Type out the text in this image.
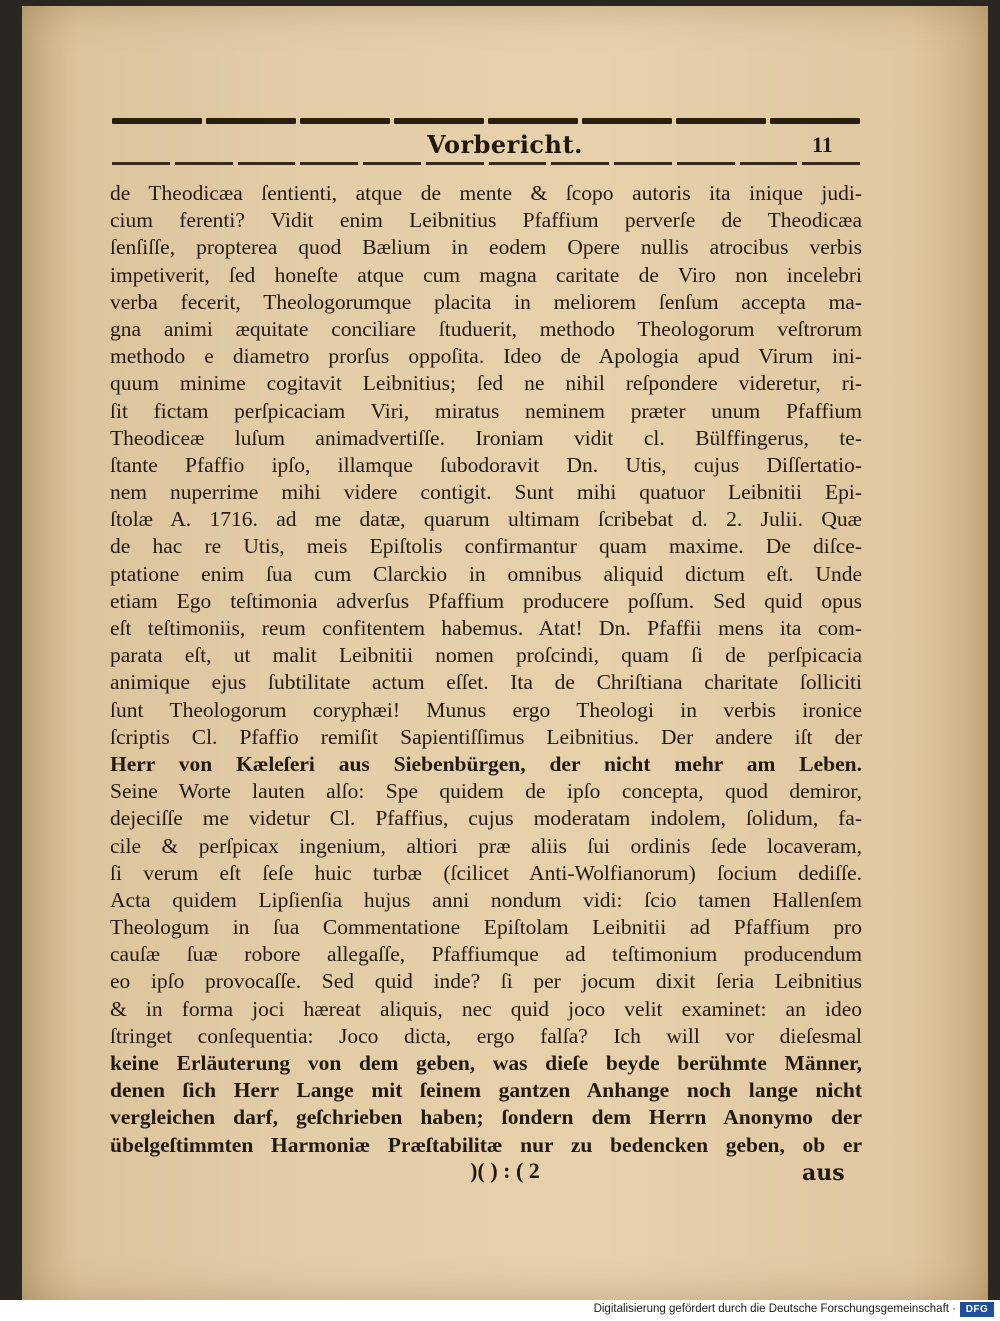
Vorbericht.	11
de Theodicæa ſentienti, atque de mente & ſcopo autoris ita inique judi-
cium ferenti? Vidit enim Leibnitius Pfaffium perverſe de Theodicæa
ſenſiſſe, propterea quod Bælium in eodem Opere nullis atrocibus verbis
impetiverit, ſed honeſte atque cum magna caritate de Viro non incelebri
verba fecerit, Theologorumque placita in meliorem ſenſum accepta ma-
gna animi æquitate conciliare ſtuduerit, methodo Theologorum veſtrorum
methodo e diametro prorſus oppoſita. Ideo de Apologia apud Virum ini-
quum minime cogitavit Leibnitius; ſed ne nihil reſpondere videretur, ri-
ſit fictam perſpicaciam Viri, miratus neminem præter unum Pfaffium
Theodiceæ luſum animadvertiſſe. Ironiam vidit cl. Bülffingerus, te-
ſtante Pfaffio ipſo, illamque ſubodoravit Dn. Utis, cujus Diſſertatio-
nem nuperrime mihi videre contigit. Sunt mihi quatuor Leibnitii Epi-
ſtolæ A. 1716. ad me datæ, quarum ultimam ſcribebat d. 2. Julii. Quæ
de hac re Utis, meis Epiſtolis confirmantur quam maxime. De diſce-
ptatione enim ſua cum Clarckio in omnibus aliquid dictum eſt. Unde
etiam Ego teſtimonia adverſus Pfaffium producere poſſum. Sed quid opus
eſt teſtimoniis, reum confitentem habemus. Atat! Dn. Pfaffii mens ita com-
parata eſt, ut malit Leibnitii nomen proſcindi, quam ſi de perſpicacia
animique ejus ſubtilitate actum eſſet. Ita de Chriſtiana charitate ſolliciti
ſunt Theologorum coryphæi! Munus ergo Theologi in verbis ironice
ſcriptis Cl. Pfaffio remiſit Sapientiſſimus Leibnitius. Der andere iſt der
Herr von Kæleſeri aus Siebenbürgen, der nicht mehr am Leben.
Seine Worte lauten alſo: Spe quidem de ipſo concepta, quod demiror,
dejeciſſe me videtur Cl. Pfaffius, cujus moderatam indolem, ſolidum, fa-
cile & perſpicax ingenium, altiori præ aliis ſui ordinis ſede locaveram,
ſi verum eſt ſeſe huic turbæ (ſcilicet Anti-Wolfianorum) ſocium dediſſe.
Acta quidem Lipſienſia hujus anni nondum vidi: ſcio tamen Hallenſem
Theologum in ſua Commentatione Epiſtolam Leibnitii ad Pfaffium pro
cauſæ ſuæ robore allegaſſe, Pfaffiumque ad teſtimonium producendum
eo ipſo provocaſſe. Sed quid inde? ſi per jocum dixit ſeria Leibnitius
& in forma joci hæreat aliquis, nec quid joco velit examinet: an ideo
ſtringet conſequentia: Joco dicta, ergo falſa? Ich will vor dieſesmal
keine Erläuterung von dem geben, was dieſe beyde berühmte Männer,
denen ſich Herr Lange mit ſeinem gantzen Anhange noch lange nicht
vergleichen darf, geſchrieben haben; ſondern dem Herrn Anonymo der
übelgeſtimmten Harmoniæ Præſtabilitæ nur zu bedencken geben, ob er
)( ) : ( 2	aus
Digitalisierung gefördert durch die Deutsche Forschungsgemeinschaft · DFG
